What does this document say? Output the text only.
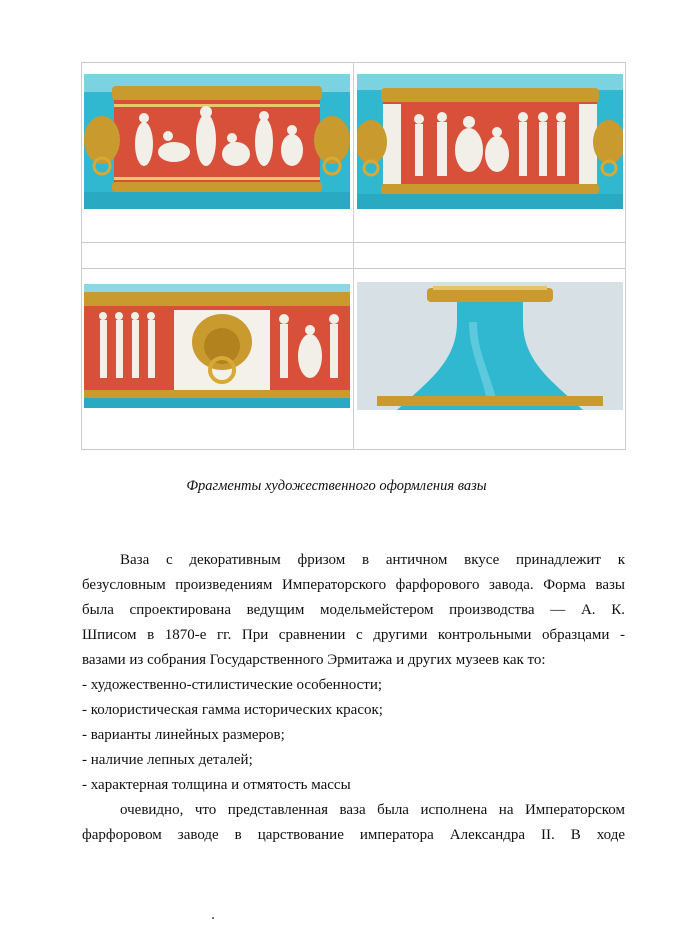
Фрагменты художественного оформления вазы
Ваза с декоративным фризом в античном вкусе принадлежит к
безусловным произведениям Императорского фарфорового завода. Форма вазы
была спроектирована ведущим модельмейстером производства — А. К.
Шписом в 1870-е гг. При сравнении с другими контрольными образцами -
вазами из собрания Государственного Эрмитажа и других музеев как то:
- художественно-стилистические особенности;
- колористическая гамма исторических красок;
- варианты линейных размеров;
- наличие лепных деталей;
- характерная толщина и отмятость массы
очевидно, что представленная ваза была исполнена на Императорском
фарфоровом заводе в царствование императора Александра II. В ходе
